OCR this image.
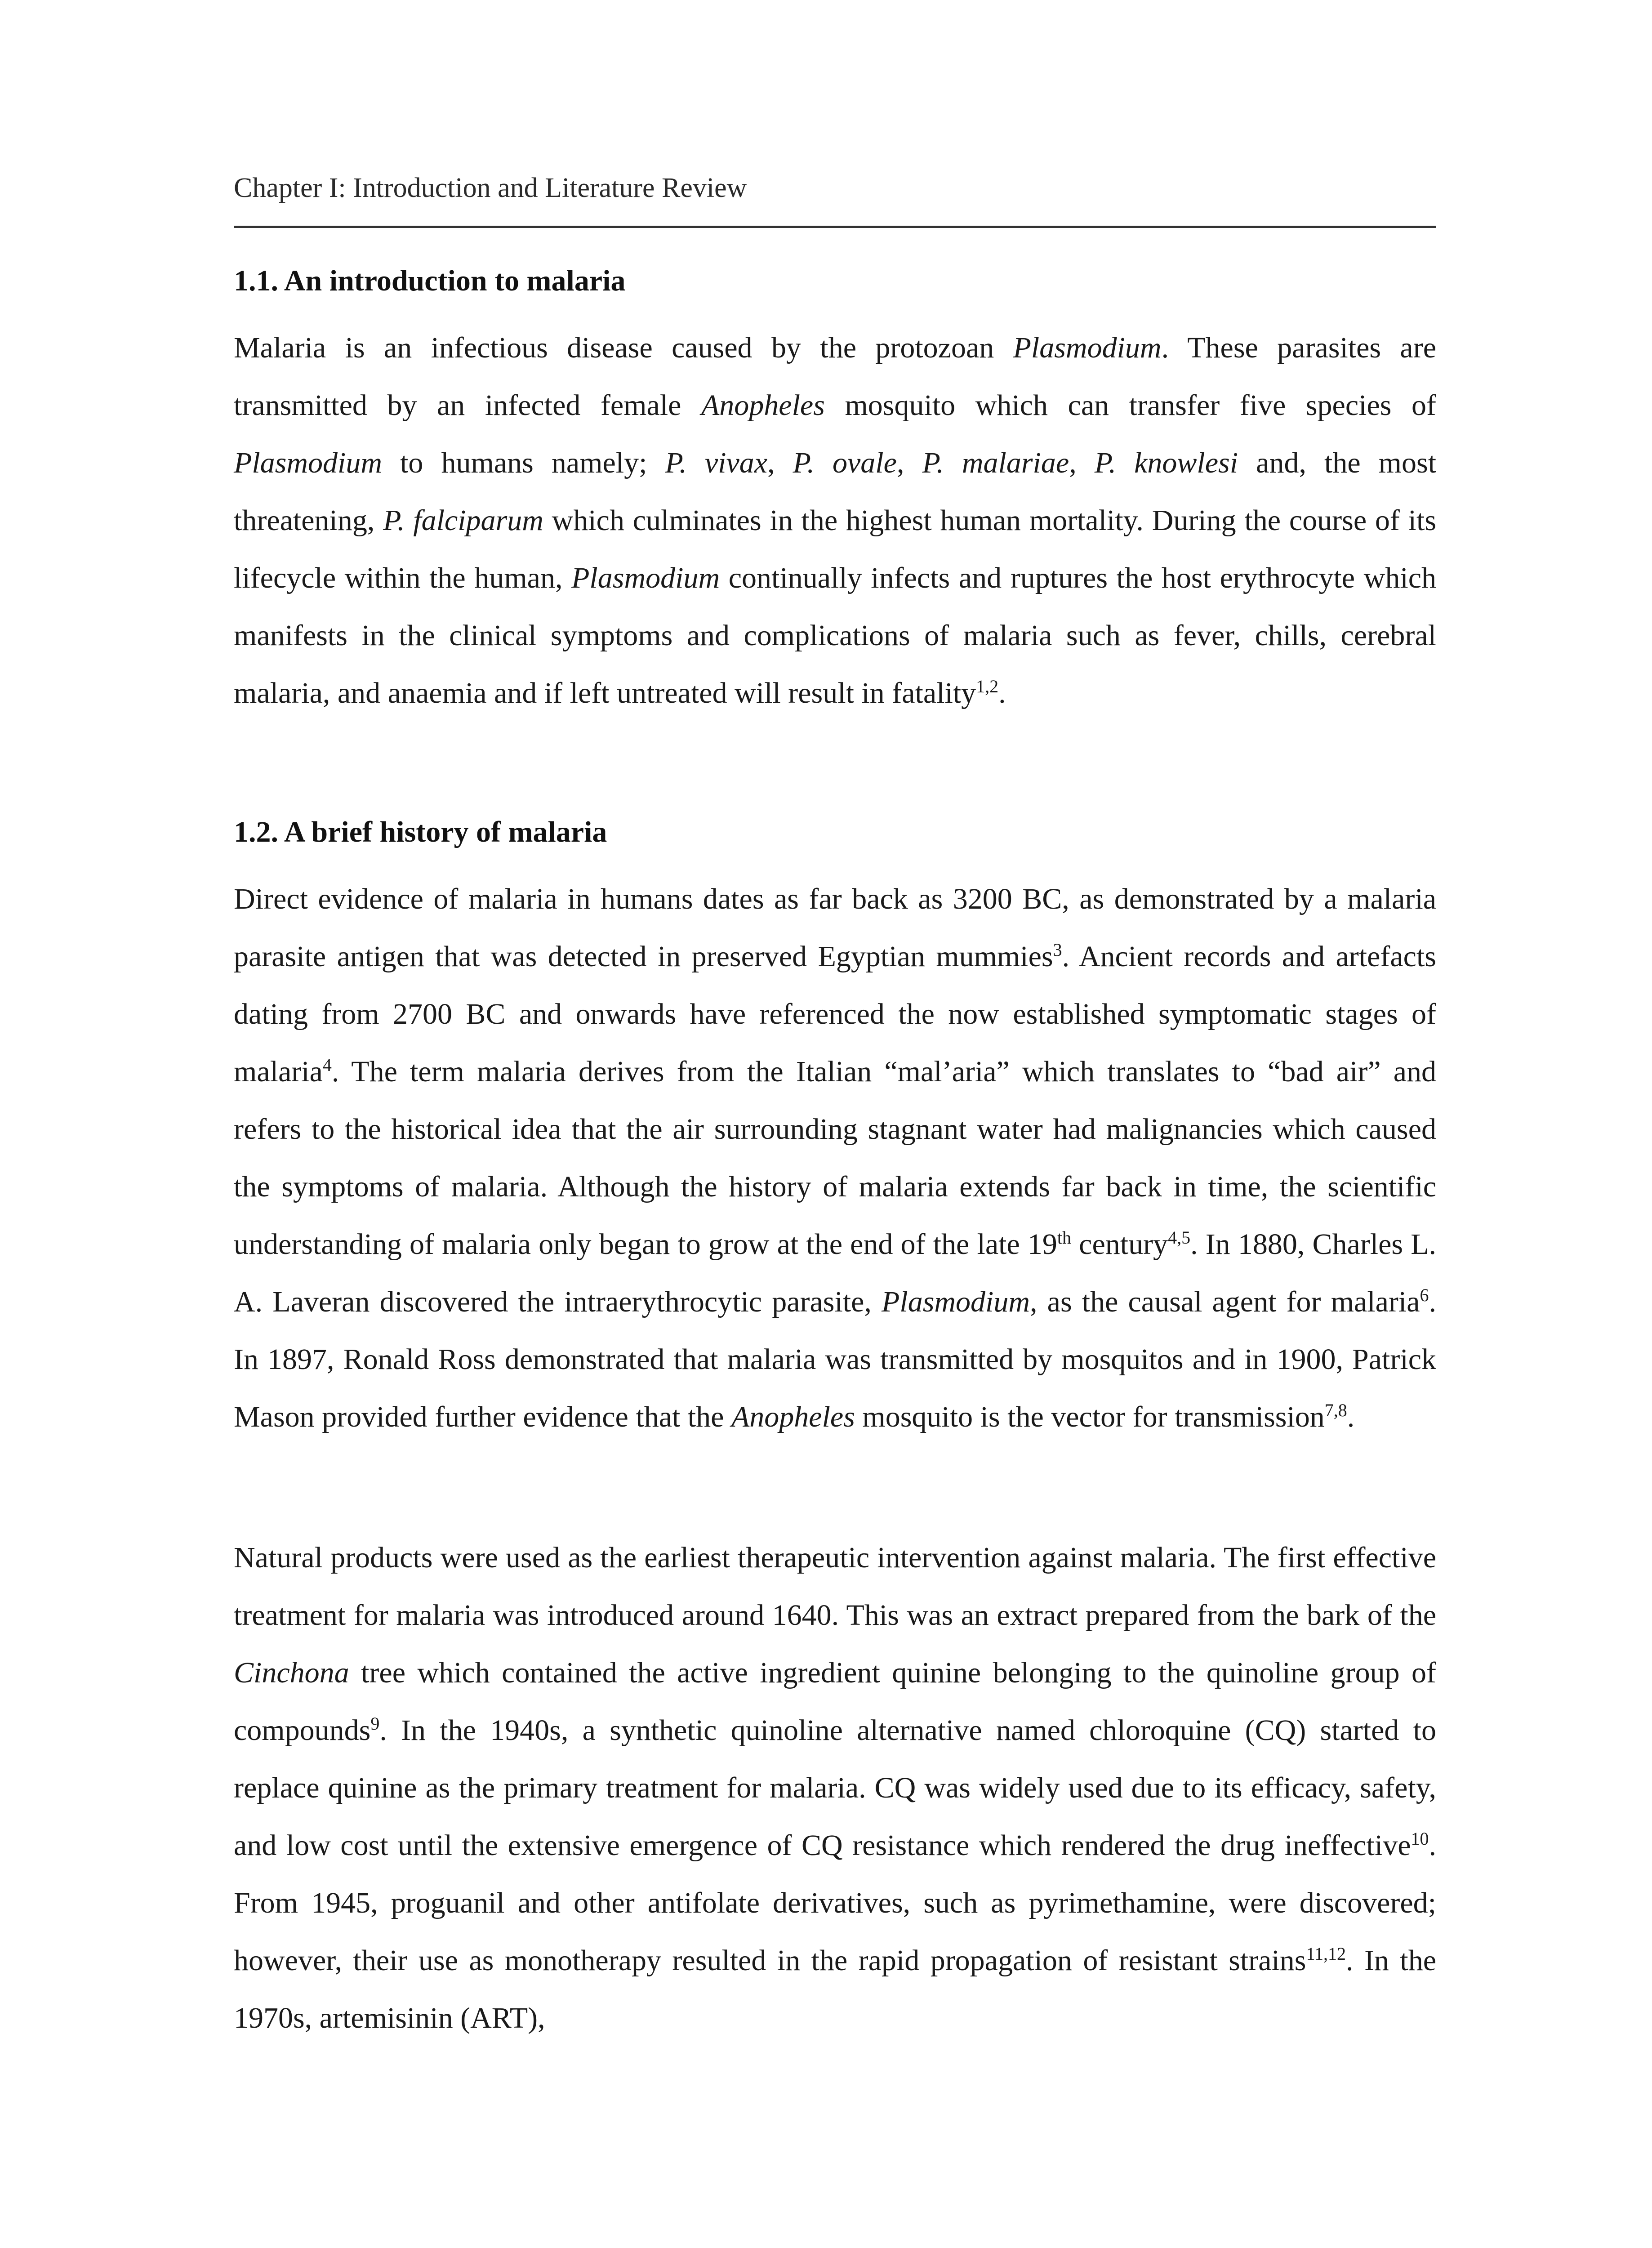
Chapter I: Introduction and Literature Review
1.1. An introduction to malaria

Malaria is an infectious disease caused by the protozoan Plasmodium. These parasites are transmitted by an infected female Anopheles mosquito which can transfer five species of Plasmodium to humans namely; P. vivax, P. ovale, P. malariae, P. knowlesi and, the most threatening, P. falciparum which culminates in the highest human mortality. During the course of its lifecycle within the human, Plasmodium continually infects and ruptures the host erythrocyte which manifests in the clinical symptoms and complications of malaria such as fever, chills, cerebral malaria, and anaemia and if left untreated will result in fatality$^{1,2}$.

1.2. A brief history of malaria

Direct evidence of malaria in humans dates as far back as 3200 BC, as demonstrated by a malaria parasite antigen that was detected in preserved Egyptian mummies$^3$. Ancient records and artefacts dating from 2700 BC and onwards have referenced the now established symptomatic stages of malaria$^4$. The term malaria derives from the Italian “mal’aria” which translates to “bad air” and refers to the historical idea that the air surrounding stagnant water had malignancies which caused the symptoms of malaria. Although the history of malaria extends far back in time, the scientific understanding of malaria only began to grow at the end of the late 19th century$^{4,5}$. In 1880, Charles L. A. Laveran discovered the intraerythrocytic parasite, Plasmodium, as the causal agent for malaria$^6$. In 1897, Ronald Ross demonstrated that malaria was transmitted by mosquitos and in 1900, Patrick Mason provided further evidence that the Anopheles mosquito is the vector for transmission$^{7,8}$.

Natural products were used as the earliest therapeutic intervention against malaria. The first effective treatment for malaria was introduced around 1640. This was an extract prepared from the bark of the Cinchona tree which contained the active ingredient quinine belonging to the quinoline group of compounds$^9$. In the 1940s, a synthetic quinoline alternative named chloroquine (CQ) started to replace quinine as the primary treatment for malaria. CQ was widely used due to its efficacy, safety, and low cost until the extensive emergence of CQ resistance which rendered the drug ineffective$^{10}$. From 1945, proguanil and other antifolate derivatives, such as pyrimethamine, were discovered; however, their use as monotherapy resulted in the rapid propagation of resistant strains$^{11,12}$. In the 1970s, artemisinin (ART),
